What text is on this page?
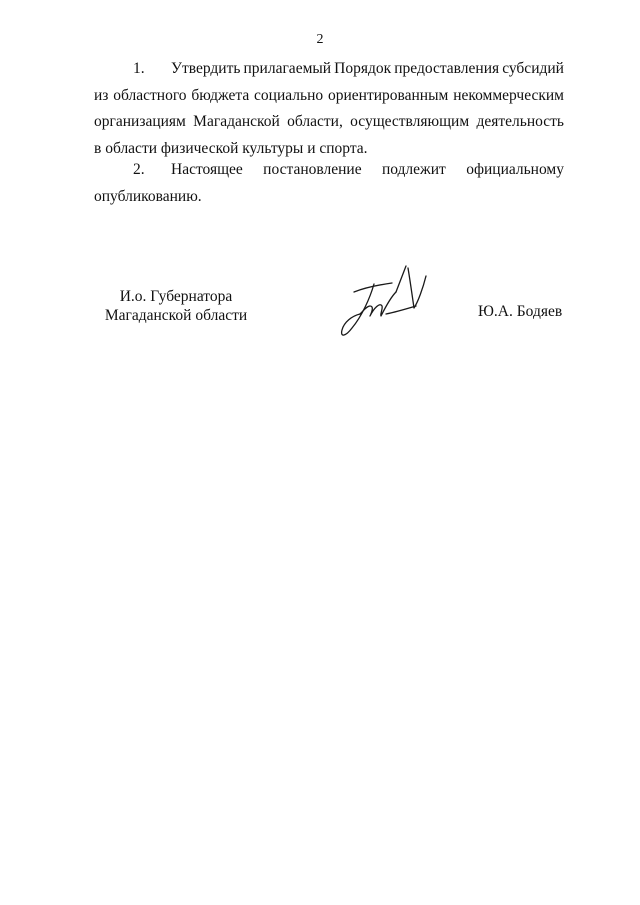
2
1. Утвердить прилагаемый Порядок предоставления субсидий
из областного бюджета социально ориентированным некоммерческим
организациям Магаданской области, осуществляющим деятельность
в области физической культуры и спорта.
2. Настоящее постановление подлежит официальному
опубликованию.
И.о. Губернатора
Магаданской области	Ю.А. Бодяев
